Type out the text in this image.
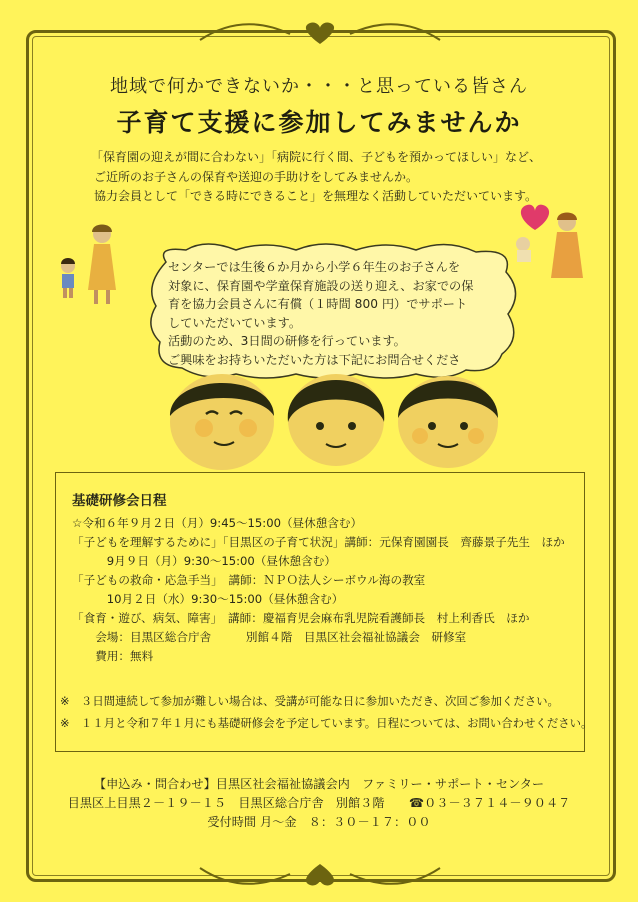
地域で何かできないか・・・と思っている皆さん
子育て支援に参加してみませんか
「保育園の迎えが間に合わない」「病院に行く間、子どもを預かってほしい」など、
ご近所のお子さんの保育や送迎の手助けをしてみませんか。
協力会員として「できる時にできること」を無理なく活動していただいています。
センターでは生後６か月から小学６年生のお子さんを
対象に、保育園や学童保育施設の送り迎え、お家での保
育を協力会員さんに有償（１時間 800 円）でサポート
していただいています。
活動のため、3日間の研修を行っています。
ご興味をお持ちいただいた方は下記にお問合せくださ
基礎研修会日程
☆令和６年９月２日（月）9:45～15:00（昼休憩含む）
「子どもを理解するために」「目黒区の子育て状況」講師：元保育園園長　齊藤景子先生　ほか
　　　9月９日（月）9:30～15:00（昼休憩含む）
「子どもの救命・応急手当」　講師：ＮＰＯ法人シーボウル海の教室
　　　10月２日（水）9:30～15:00（昼休憩含む）
「食育・遊び、病気、障害」　講師：慶福育児会麻布乳児院看護師長　村上利香氏　ほか
　　会場：目黒区総合庁舎　　　別館４階　目黒区社会福祉協議会　研修室
　　費用：無料
※　３日間連続して参加が難しい場合は、受講が可能な日に参加いただき、次回ご参加ください。
※　１１月と令和７年１月にも基礎研修会を予定しています。日程については、お問い合わせください。
【申込み・問合わせ】目黒区社会福祉協議会内　ファミリー・サポート・センター
目黒区上目黒２－１９－１５　目黒区総合庁舎　別館３階　　☎０３－３７１４－９０４７
受付時間 月～金　８：３０－１７：００
